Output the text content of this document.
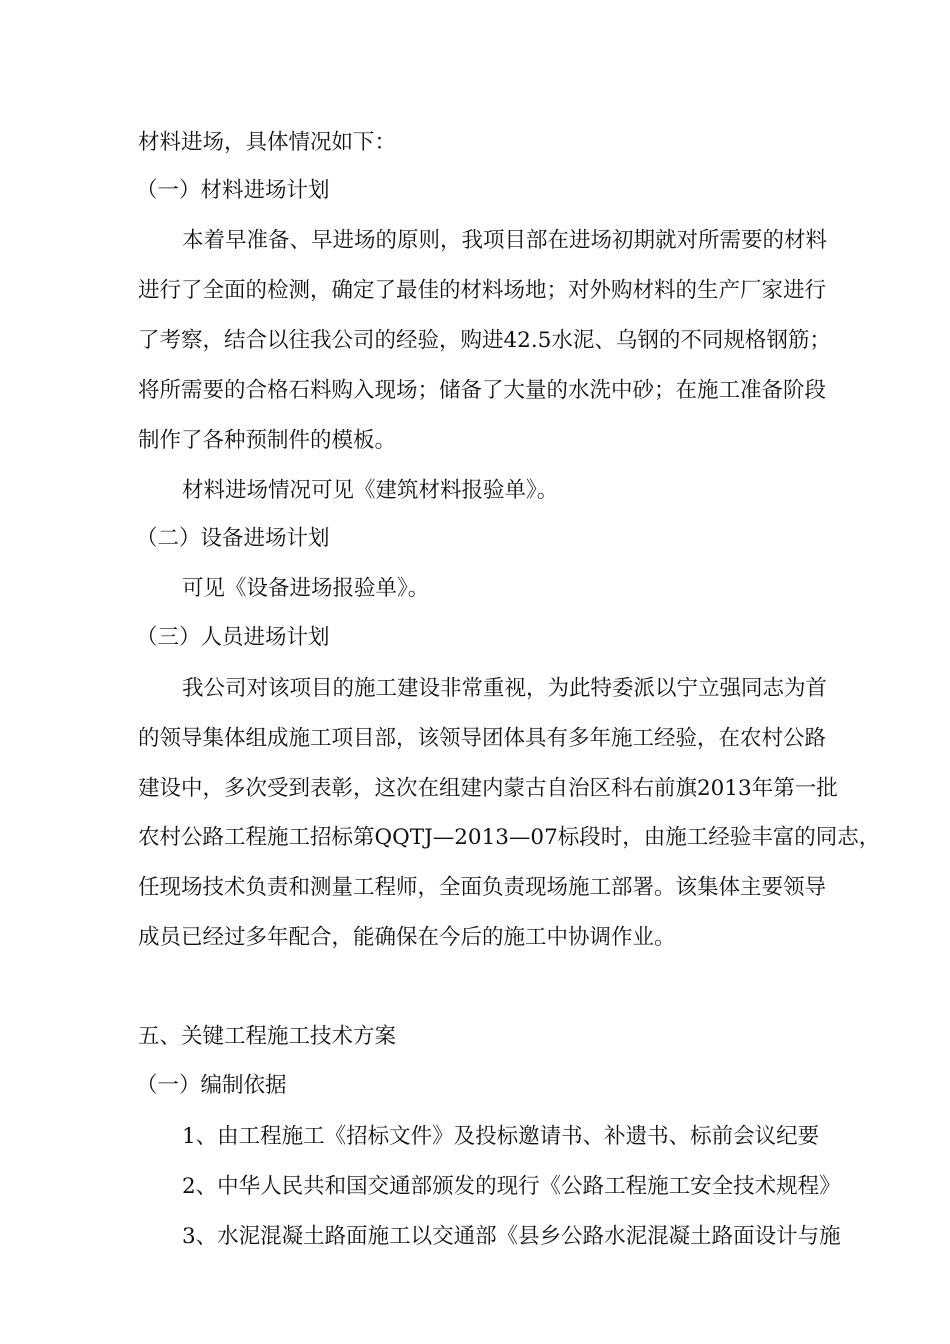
材料进场，具体情况如下：
（一）材料进场计划
本着早准备、早进场的原则，我项目部在进场初期就对所需要的材料
进行了全面的检测，确定了最佳的材料场地；对外购材料的生产厂家进行
了考察，结合以往我公司的经验，购进42.5水泥、乌钢的不同规格钢筋；
将所需要的合格石料购入现场；储备了大量的水洗中砂；在施工准备阶段
制作了各种预制件的模板。
材料进场情况可见《建筑材料报验单》。
（二）设备进场计划
可见《设备进场报验单》。
（三）人员进场计划
我公司对该项目的施工建设非常重视，为此特委派以宁立强同志为首
的领导集体组成施工项目部，该领导团体具有多年施工经验，在农村公路
建设中，多次受到表彰，这次在组建内蒙古自治区科右前旗2013年第一批
农村公路工程施工招标第QQTJ—2013—07标段时，由施工经验丰富的同志，
任现场技术负责和测量工程师，全面负责现场施工部署。该集体主要领导
成员已经过多年配合，能确保在今后的施工中协调作业。
五、关键工程施工技术方案
（一）编制依据
1、由工程施工《招标文件》及投标邀请书、补遗书、标前会议纪要
2、中华人民共和国交通部颁发的现行《公路工程施工安全技术规程》
3、水泥混凝土路面施工以交通部《县乡公路水泥混凝土路面设计与施
